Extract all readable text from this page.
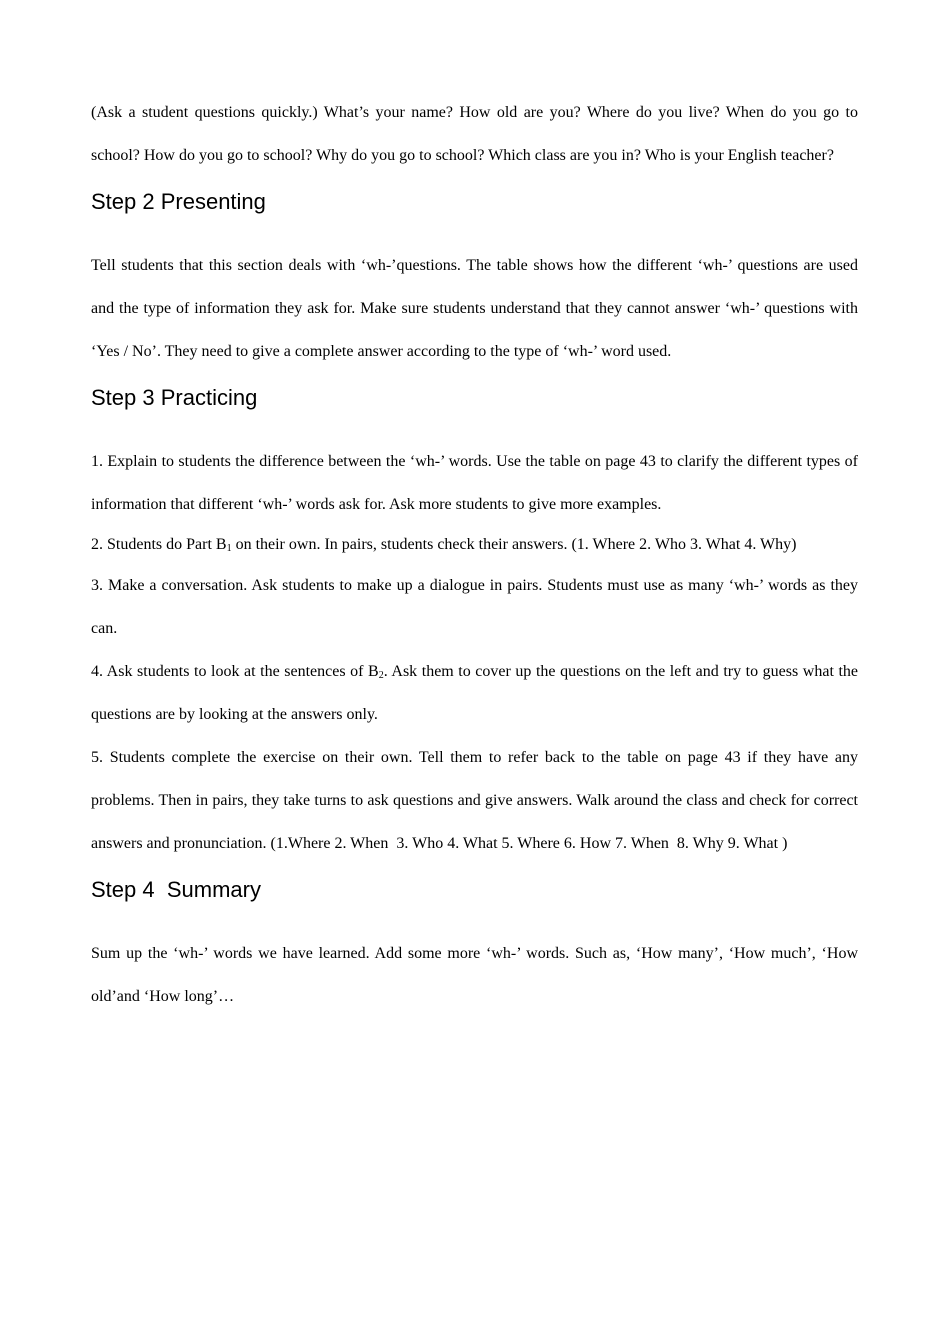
(Ask a student questions quickly.) What’s your name? How old are you? Where do you live? When do you go to school? How do you go to school? Why do you go to school? Which class are you in? Who is your English teacher?

Step 2 Presenting

Tell students that this section deals with ‘wh-’questions. The table shows how the different ‘wh-’ questions are used and the type of information they ask for. Make sure students understand that they cannot answer ‘wh-’ questions with ‘Yes / No’. They need to give a complete answer according to the type of ‘wh-’ word used.

Step 3 Practicing

1. Explain to students the difference between the ‘wh-’ words. Use the table on page 43 to clarify the different types of information that different ‘wh-’ words ask for. Ask more students to give more examples.

2. Students do Part $B_1$ on their own. In pairs, students check their answers. (1. Where 2. Who 3. What 4. Why)

3. Make a conversation. Ask students to make up a dialogue in pairs. Students must use as many ‘wh-’ words as they can.

4. Ask students to look at the sentences of $B_2$. Ask them to cover up the questions on the left and try to guess what the questions are by looking at the answers only.

5. Students complete the exercise on their own. Tell them to refer back to the table on page 43 if they have any problems. Then in pairs, they take turns to ask questions and give answers. Walk around the class and check for correct answers and pronunciation. (1.Where 2. When  3. Who 4. What 5. Where 6. How 7. When  8. Why 9. What )

Step 4  Summary

Sum up the ‘wh-’ words we have learned. Add some more ‘wh-’ words. Such as, ‘How many’, ‘How much’, ‘How old’and ‘How long’…
